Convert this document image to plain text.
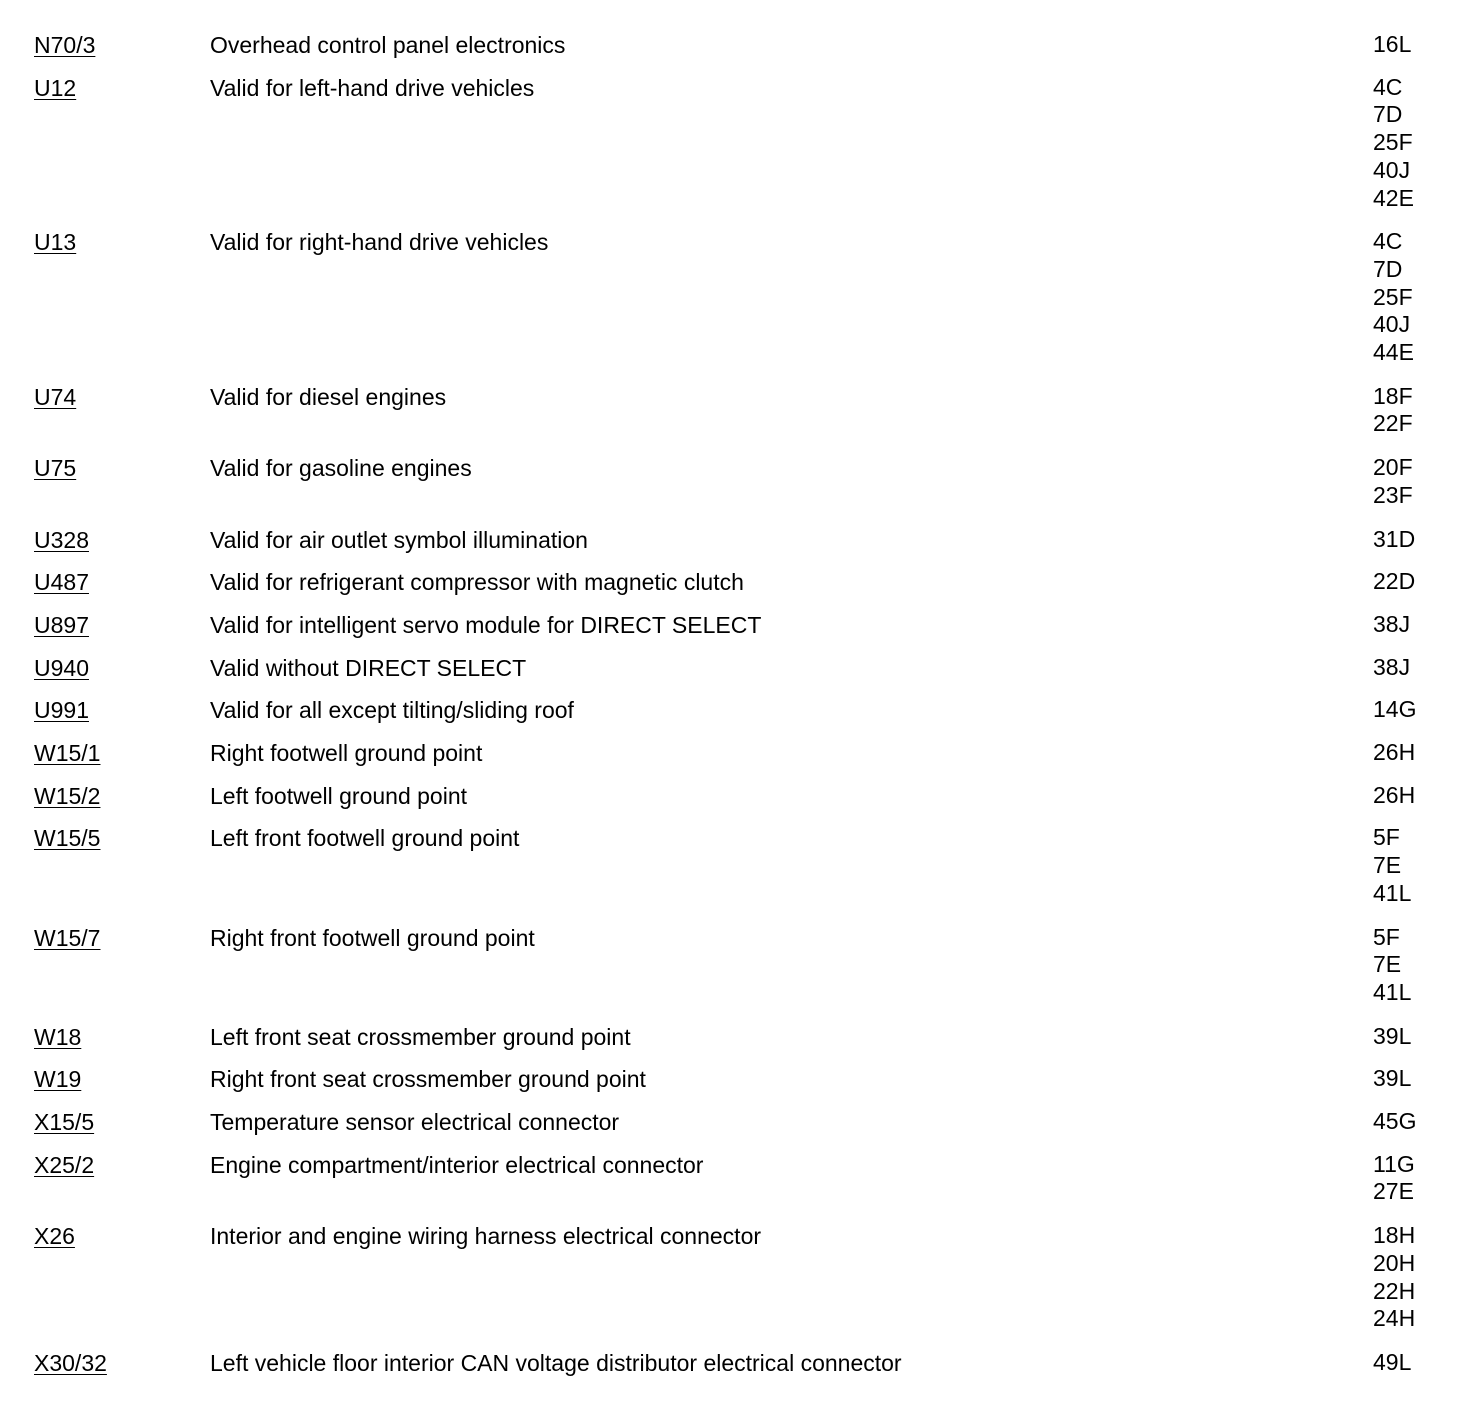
N70/3	Overhead control panel electronics	16L
U12	Valid for left-hand drive vehicles	4C
7D
25F
40J
42E
U13	Valid for right-hand drive vehicles	4C
7D
25F
40J
44E
U74	Valid for diesel engines	18F
22F
U75	Valid for gasoline engines	20F
23F
U328	Valid for air outlet symbol illumination	31D
U487	Valid for refrigerant compressor with magnetic clutch	22D
U897	Valid for intelligent servo module for DIRECT SELECT	38J
U940	Valid without DIRECT SELECT	38J
U991	Valid for all except tilting/sliding roof	14G
W15/1	Right footwell ground point	26H
W15/2	Left footwell ground point	26H
W15/5	Left front footwell ground point	5F
7E
41L
W15/7	Right front footwell ground point	5F
7E
41L
W18	Left front seat crossmember ground point	39L
W19	Right front seat crossmember ground point	39L
X15/5	Temperature sensor electrical connector	45G
X25/2	Engine compartment/interior electrical connector	11G
27E
X26	Interior and engine wiring harness electrical connector	18H
20H
22H
24H
X30/32	Left vehicle floor interior CAN voltage distributor electrical connector	49L
